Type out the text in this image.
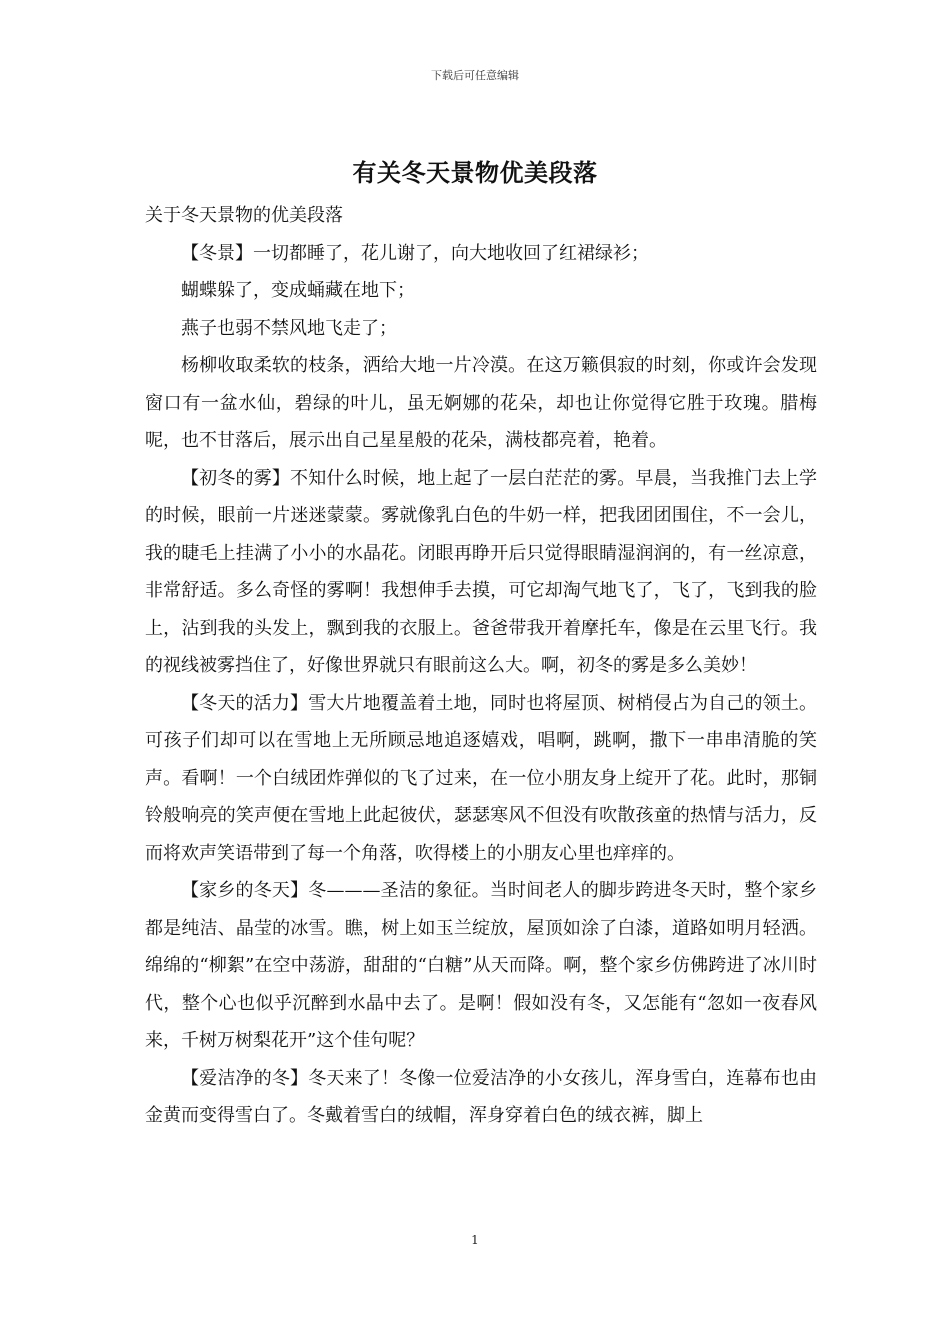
下载后可任意编辑
有关冬天景物优美段落

关于冬天景物的优美段落

【冬景】一切都睡了，花儿谢了，向大地收回了红裙绿衫；

蝴蝶躲了，变成蛹藏在地下；

燕子也弱不禁风地飞走了；

杨柳收取柔软的枝条，洒给大地一片冷漠。在这万籁俱寂的时刻，你或许会发现窗口有一盆水仙，碧绿的叶儿，虽无婀娜的花朵，却也让你觉得它胜于玫瑰。腊梅呢，也不甘落后，展示出自己星星般的花朵，满枝都亮着，艳着。

【初冬的雾】不知什么时候，地上起了一层白茫茫的雾。早晨，当我推门去上学的时候，眼前一片迷迷蒙蒙。雾就像乳白色的牛奶一样，把我团团围住，不一会儿，我的睫毛上挂满了小小的水晶花。闭眼再睁开后只觉得眼睛湿润润的，有一丝凉意，非常舒适。多么奇怪的雾啊！我想伸手去摸，可它却淘气地飞了，飞了，飞到我的脸上，沾到我的头发上，飘到我的衣服上。爸爸带我开着摩托车，像是在云里飞行。我的视线被雾挡住了，好像世界就只有眼前这么大。啊，初冬的雾是多么美妙！

【冬天的活力】雪大片地覆盖着土地，同时也将屋顶、树梢侵占为自己的领土。可孩子们却可以在雪地上无所顾忌地追逐嬉戏，唱啊，跳啊，撒下一串串清脆的笑声。看啊！一个白绒团炸弹似的飞了过来，在一位小朋友身上绽开了花。此时，那铜铃般响亮的笑声便在雪地上此起彼伏，瑟瑟寒风不但没有吹散孩童的热情与活力，反而将欢声笑语带到了每一个角落，吹得楼上的小朋友心里也痒痒的。

【家乡的冬天】冬———圣洁的象征。当时间老人的脚步跨进冬天时，整个家乡都是纯洁、晶莹的冰雪。瞧，树上如玉兰绽放，屋顶如涂了白漆，道路如明月轻洒。绵绵的“柳絮”在空中荡游，甜甜的“白糖”从天而降。啊，整个家乡仿佛跨进了冰川时代，整个心也似乎沉醉到水晶中去了。是啊！假如没有冬，又怎能有“忽如一夜春风来，千树万树梨花开”这个佳句呢？

【爱洁净的冬】冬天来了！冬像一位爱洁净的小女孩儿，浑身雪白，连幕布也由金黄而变得雪白了。冬戴着雪白的绒帽，浑身穿着白色的绒衣裤，脚上

1
